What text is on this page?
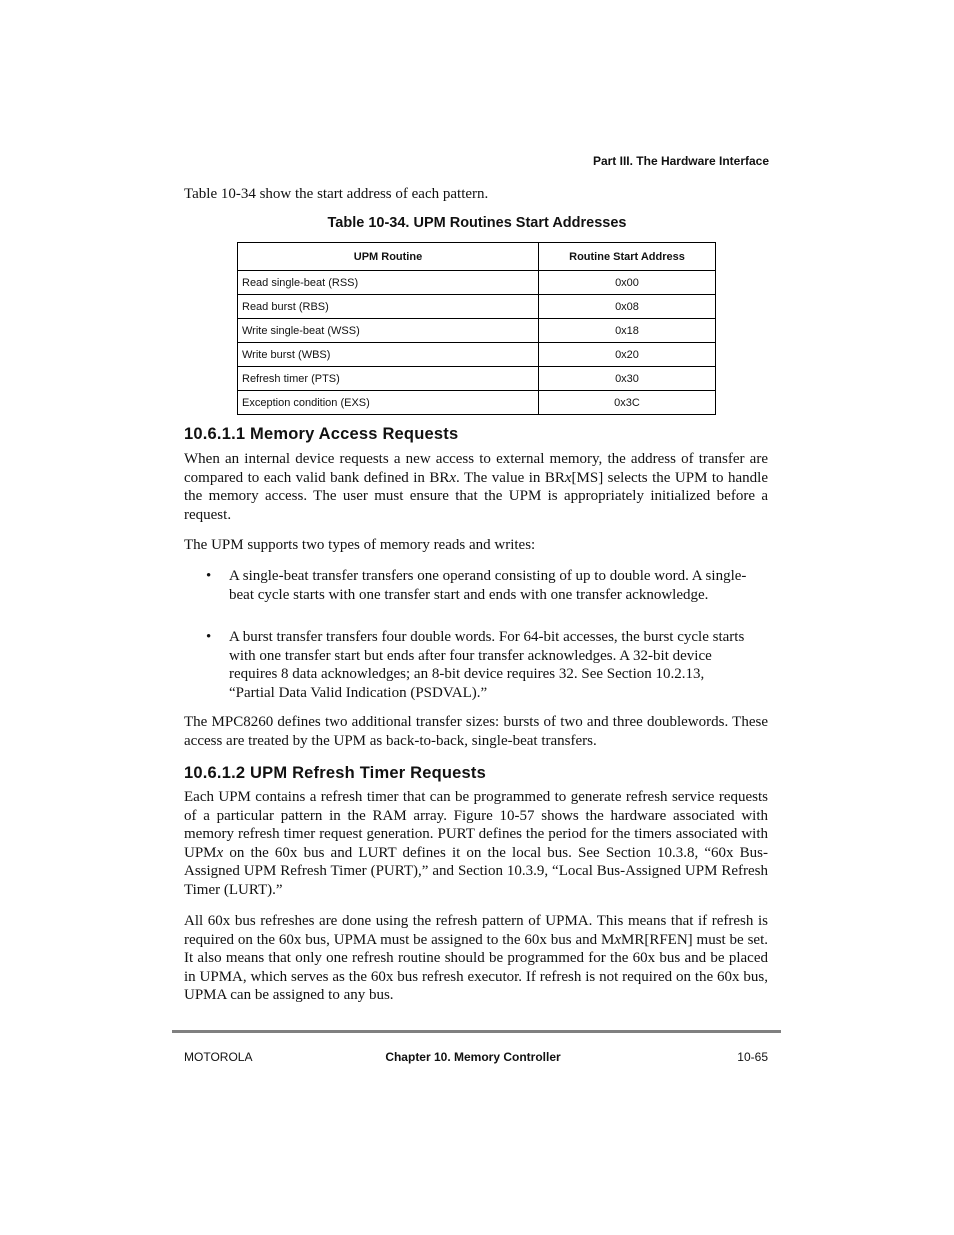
Part III. The Hardware Interface
Table 10-34 show the start address of each pattern.
Table 10-34. UPM Routines Start Addresses
UPM Routine	Routine Start Address
Read single-beat (RSS)	0x00
Read burst (RBS)	0x08
Write single-beat (WSS)	0x18
Write burst (WBS)	0x20
Refresh timer (PTS)	0x30
Exception condition (EXS)	0x3C
10.6.1.1 Memory Access Requests
When an internal device requests a new access to external memory, the address of transfer are compared to each valid bank defined in BRx. The value in BRx[MS] selects the UPM to handle the memory access. The user must ensure that the UPM is appropriately initialized before a request.
The UPM supports two types of memory reads and writes:
• A single-beat transfer transfers one operand consisting of up to double word. A single-beat cycle starts with one transfer start and ends with one transfer acknowledge.
• A burst transfer transfers four double words. For 64-bit accesses, the burst cycle starts with one transfer start but ends after four transfer acknowledges. A 32-bit device requires 8 data acknowledges; an 8-bit device requires 32. See Section 10.2.13, “Partial Data Valid Indication (PSDVAL).”
The MPC8260 defines two additional transfer sizes: bursts of two and three doublewords. These access are treated by the UPM as back-to-back, single-beat transfers.
10.6.1.2 UPM Refresh Timer Requests
Each UPM contains a refresh timer that can be programmed to generate refresh service requests of a particular pattern in the RAM array. Figure 10-57 shows the hardware associated with memory refresh timer request generation. PURT defines the period for the timers associated with UPMx on the 60x bus and LURT defines it on the local bus. See Section 10.3.8, “60x Bus-Assigned UPM Refresh Timer (PURT),” and Section 10.3.9, “Local Bus-Assigned UPM Refresh Timer (LURT).”
All 60x bus refreshes are done using the refresh pattern of UPMA. This means that if refresh is required on the 60x bus, UPMA must be assigned to the 60x bus and MxMR[RFEN] must be set. It also means that only one refresh routine should be programmed for the 60x bus and be placed in UPMA, which serves as the 60x bus refresh executor. If refresh is not required on the 60x bus, UPMA can be assigned to any bus.
MOTOROLA	Chapter 10. Memory Controller	10-65
